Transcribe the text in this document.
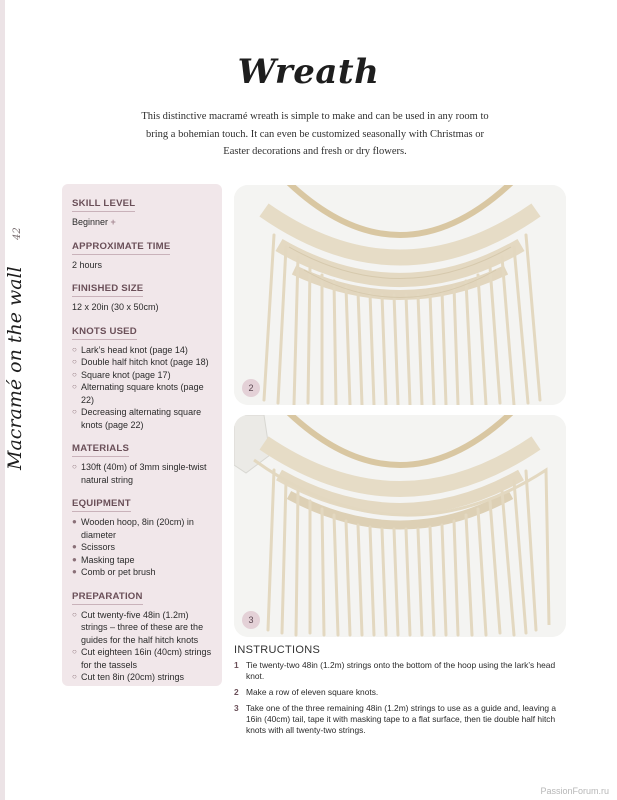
42
Macramé on the wall
Wreath

This distinctive macramé wreath is simple to make and can be used in any room to bring a bohemian touch. It can even be customized seasonally with Christmas or Easter decorations and fresh or dry flowers.

SKILL LEVEL
Beginner +
APPROXIMATE TIME
2 hours
FINISHED SIZE
12 x 20in (30 x 50cm)
KNOTS USED
○ Lark’s head knot (page 14)
○ Double half hitch knot (page 18)
○ Square knot (page 17)
○ Alternating square knots (page 22)
○ Decreasing alternating square knots (page 22)
MATERIALS
○ 130ft (40m) of 3mm single-twist natural string
EQUIPMENT
● Wooden hoop, 8in (20cm) in diameter
● Scissors
● Masking tape
● Comb or pet brush
PREPARATION
○ Cut twenty-five 48in (1.2m) strings – three of these are the guides for the half hitch knots
○ Cut eighteen 16in (40cm) strings for the tassels
○ Cut ten 8in (20cm) strings
2
3
INSTRUCTIONS
1 Tie twenty-two 48in (1.2m) strings onto the bottom of the hoop using the lark’s head knot.
2 Make a row of eleven square knots.
3 Take one of the three remaining 48in (1.2m) strings to use as a guide and, leaving a 16in (40cm) tail, tape it with masking tape to a flat surface, then tie double half hitch knots with all twenty-two strings.
PassionForum.ru
